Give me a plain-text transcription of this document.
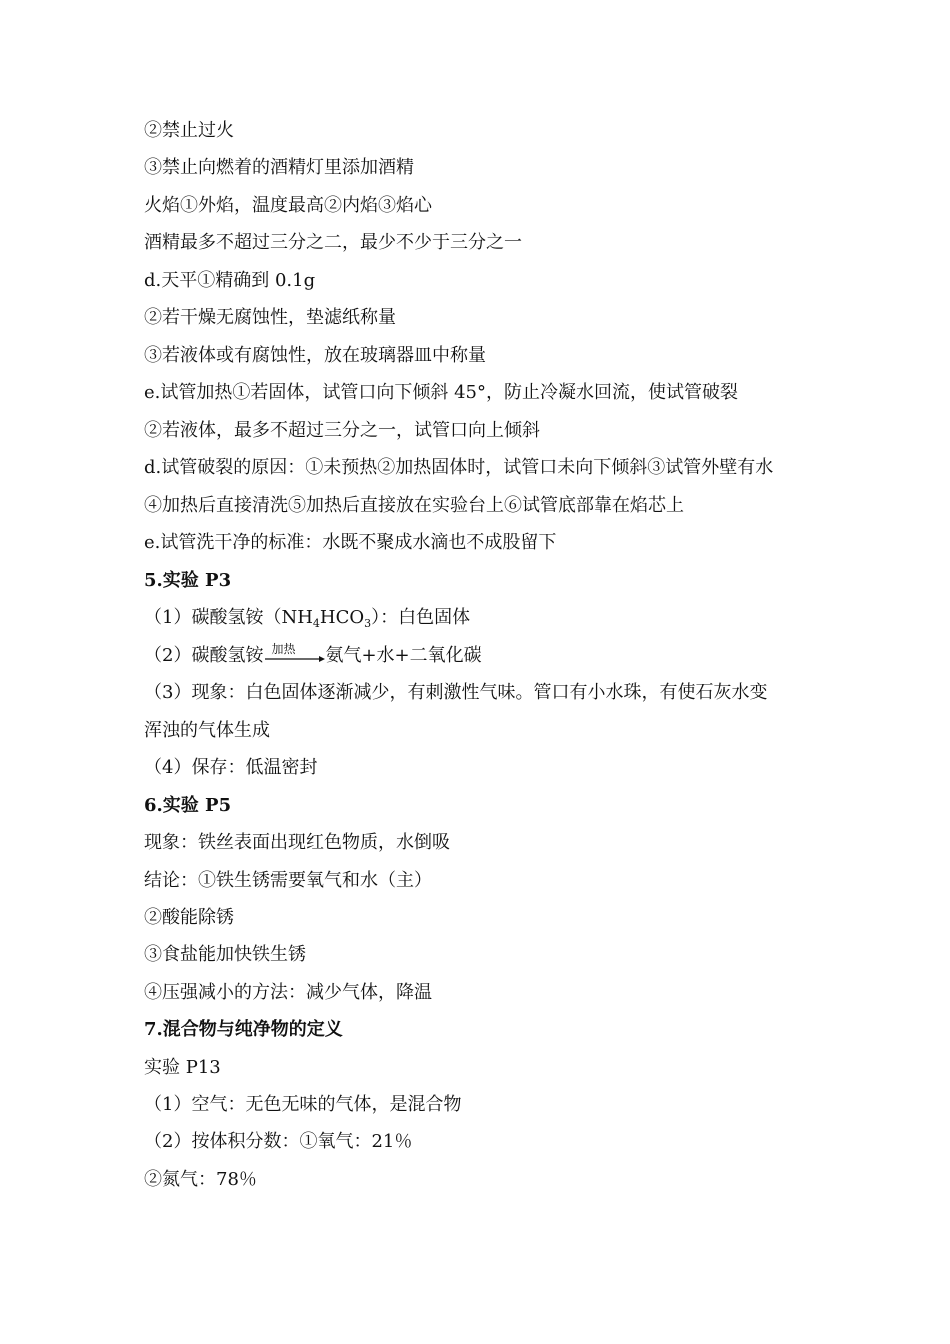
②禁止过火
③禁止向燃着的酒精灯里添加酒精
火焰①外焰，温度最高②内焰③焰心
酒精最多不超过三分之二，最少不少于三分之一
d.天平①精确到 0.1g
②若干燥无腐蚀性，垫滤纸称量
③若液体或有腐蚀性，放在玻璃器皿中称量
e.试管加热①若固体，试管口向下倾斜 45°，防止冷凝水回流，使试管破裂
②若液体，最多不超过三分之一，试管口向上倾斜
d.试管破裂的原因：①未预热②加热固体时，试管口未向下倾斜③试管外壁有水
④加热后直接清洗⑤加热后直接放在实验台上⑥试管底部靠在焰芯上
e.试管洗干净的标准：水既不聚成水滴也不成股留下
5.实验 P3
（1）碳酸氢铵$(NH_4HCO_3)$：白色固体
（2）碳酸氢铵 加热 氨气+水+二氧化碳
（3）现象：白色固体逐渐减少，有刺激性气味。管口有小水珠，有使石灰水变
浑浊的气体生成
（4）保存：低温密封
6.实验 P5
现象：铁丝表面出现红色物质，水倒吸
结论：①铁生锈需要氧气和水（主）
②酸能除锈
③食盐能加快铁生锈
④压强减小的方法：减少气体，降温
7.混合物与纯净物的定义
实验 P13
（1）空气：无色无味的气体，是混合物
（2）按体积分数：①氧气：21％
②氮气：78％
